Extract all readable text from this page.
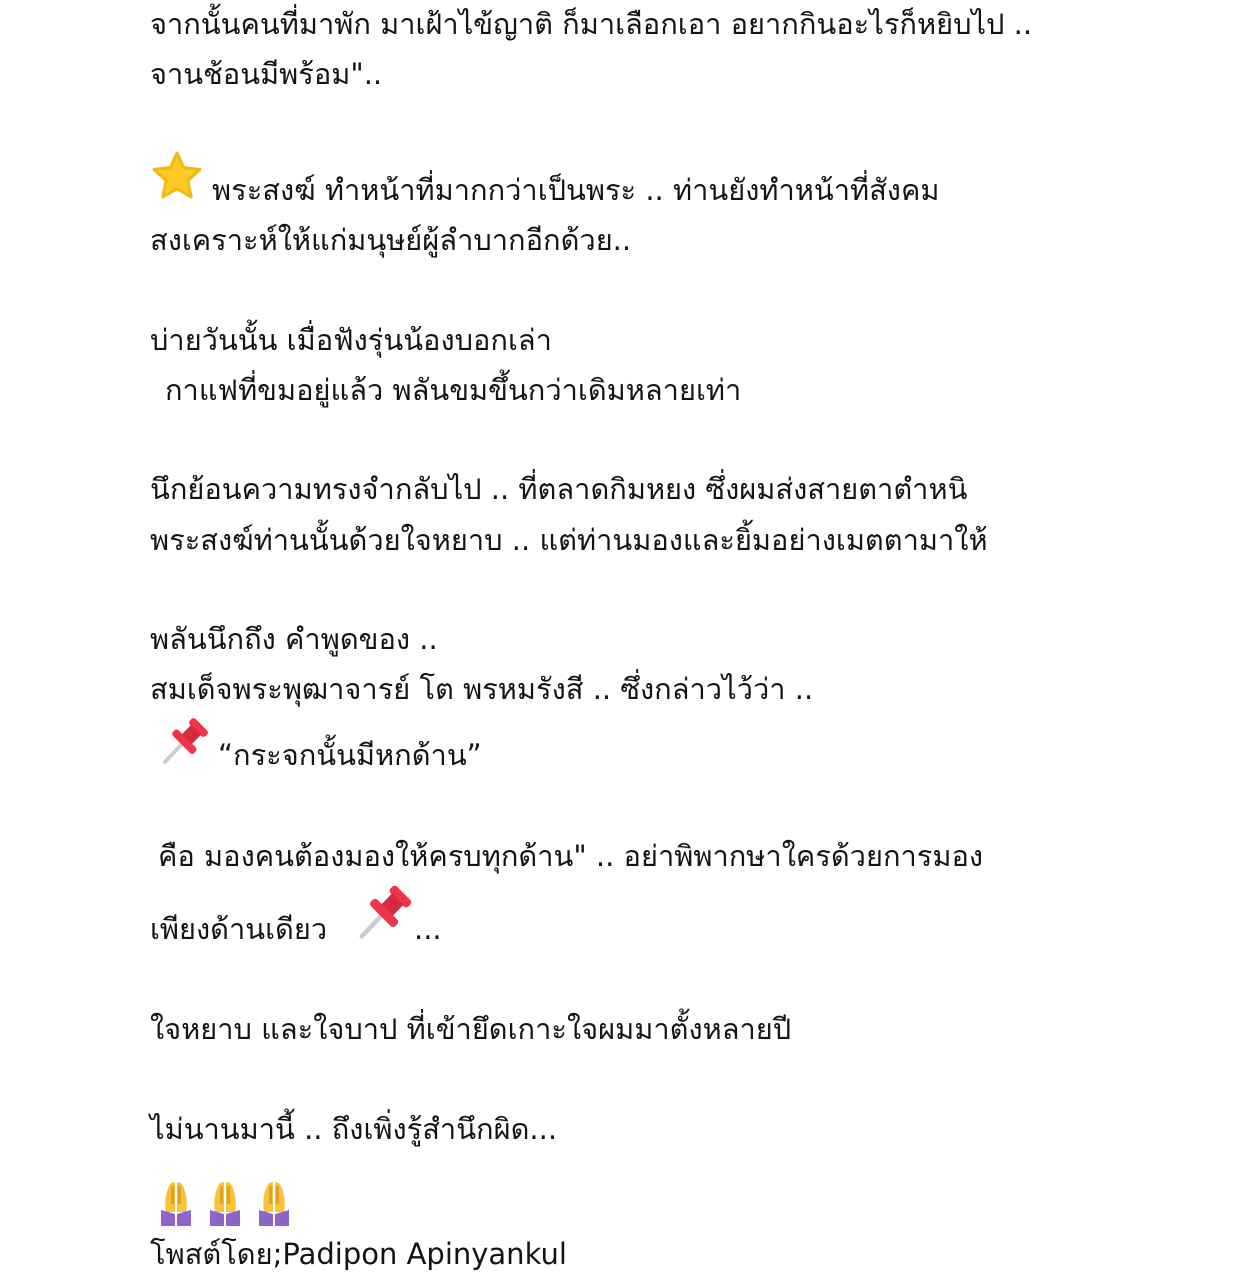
จากนั้นคนที่มาพัก มาเฝ้าไข้ญาติ ก็มาเลือกเอา อยากกินอะไรก็หยิบไป ..
จานช้อนมีพร้อม"..
พระสงฆ์ ทำหน้าที่มากกว่าเป็นพระ .. ท่านยังทำหน้าที่สังคม
สงเคราะห์ให้แก่มนุษย์ผู้ลำบากอีกด้วย..
บ่ายวันนั้น เมื่อฟังรุ่นน้องบอกเล่า
กาแฟที่ขมอยู่แล้ว พลันขมขึ้นกว่าเดิมหลายเท่า
นึกย้อนความทรงจำกลับไป .. ที่ตลาดกิมหยง ซึ่งผมส่งสายตาตำหนิ
พระสงฆ์ท่านนั้นด้วยใจหยาบ .. แต่ท่านมองและยิ้มอย่างเมตตามาให้
พลันนึกถึง คำพูดของ ..
สมเด็จพระพุฒาจารย์ โต พรหมรังสี .. ซึ่งกล่าวไว้ว่า ..
“กระจกนั้นมีหกด้าน”
คือ มองคนต้องมองให้ครบทุกด้าน" .. อย่าพิพากษาใครด้วยการมอง
เพียงด้านเดียว	...
ใจหยาบ และใจบาป ที่เข้ายึดเกาะใจผมมาตั้งหลายปี
ไม่นานมานี้ .. ถึงเพิ่งรู้สำนึกผิด...
โพสต์โดย;Padipon Apinyankul
